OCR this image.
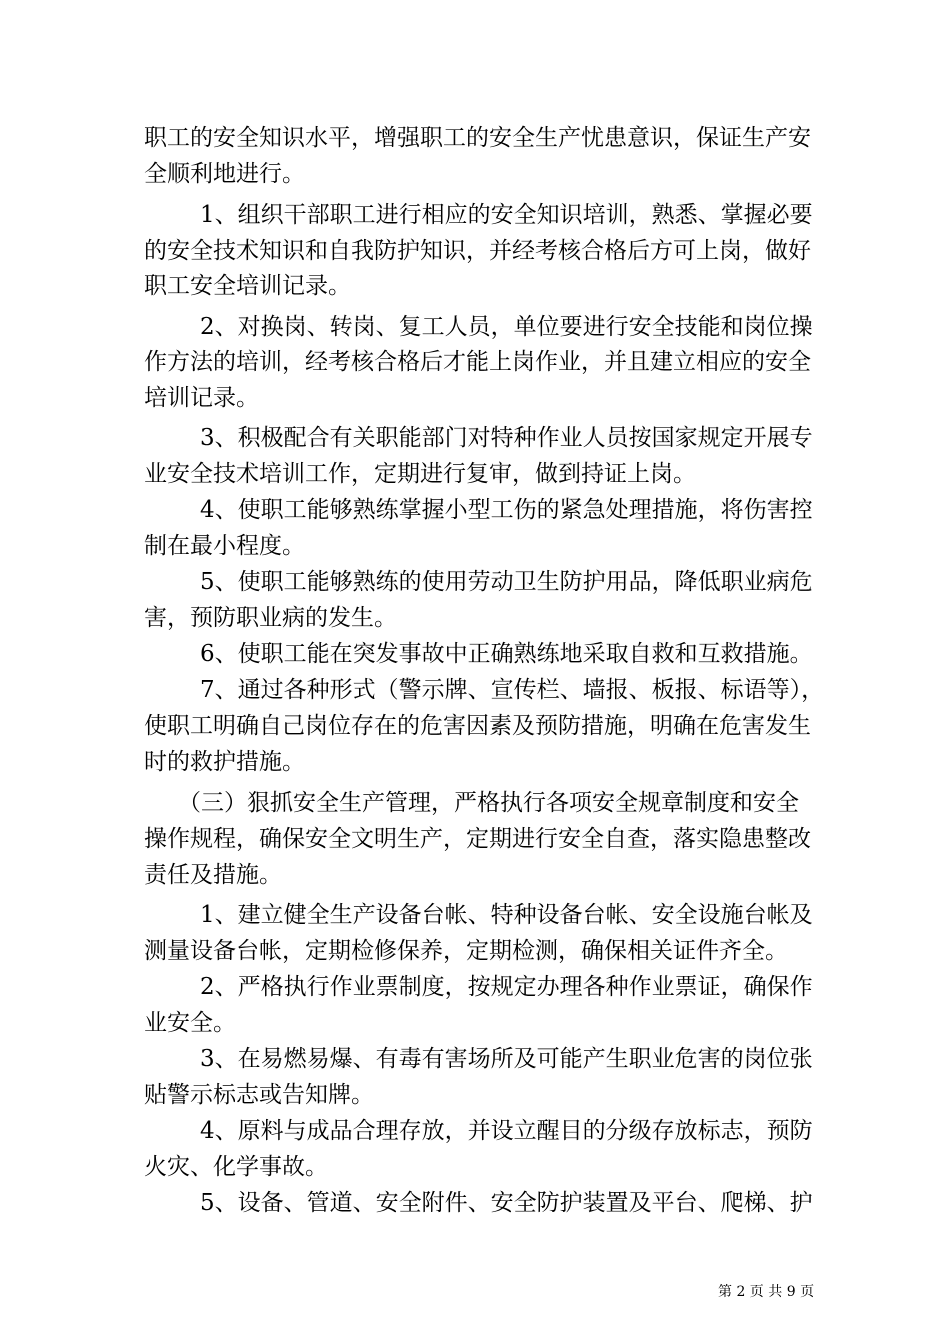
职工的安全知识水平，增强职工的安全生产忧患意识，保证生产安
全顺利地进行。
1、组织干部职工进行相应的安全知识培训，熟悉、掌握必要
的安全技术知识和自我防护知识，并经考核合格后方可上岗，做好
职工安全培训记录。
2、对换岗、转岗、复工人员，单位要进行安全技能和岗位操
作方法的培训，经考核合格后才能上岗作业，并且建立相应的安全
培训记录。
3、积极配合有关职能部门对特种作业人员按国家规定开展专
业安全技术培训工作，定期进行复审，做到持证上岗。
4、使职工能够熟练掌握小型工伤的紧急处理措施，将伤害控
制在最小程度。
5、使职工能够熟练的使用劳动卫生防护用品，降低职业病危
害，预防职业病的发生。
6、使职工能在突发事故中正确熟练地采取自救和互救措施。
7、通过各种形式（警示牌、宣传栏、墙报、板报、标语等），
使职工明确自己岗位存在的危害因素及预防措施，明确在危害发生
时的救护措施。
（三）狠抓安全生产管理，严格执行各项安全规章制度和安全
操作规程，确保安全文明生产，定期进行安全自查，落实隐患整改
责任及措施。
1、建立健全生产设备台帐、特种设备台帐、安全设施台帐及
测量设备台帐，定期检修保养，定期检测，确保相关证件齐全。
2、严格执行作业票制度，按规定办理各种作业票证，确保作
业安全。
3、在易燃易爆、有毒有害场所及可能产生职业危害的岗位张
贴警示标志或告知牌。
4、原料与成品合理存放，并设立醒目的分级存放标志，预防
火灾、化学事故。
5、设备、管道、安全附件、安全防护装置及平台、爬梯、护
第 2 页 共 9 页
